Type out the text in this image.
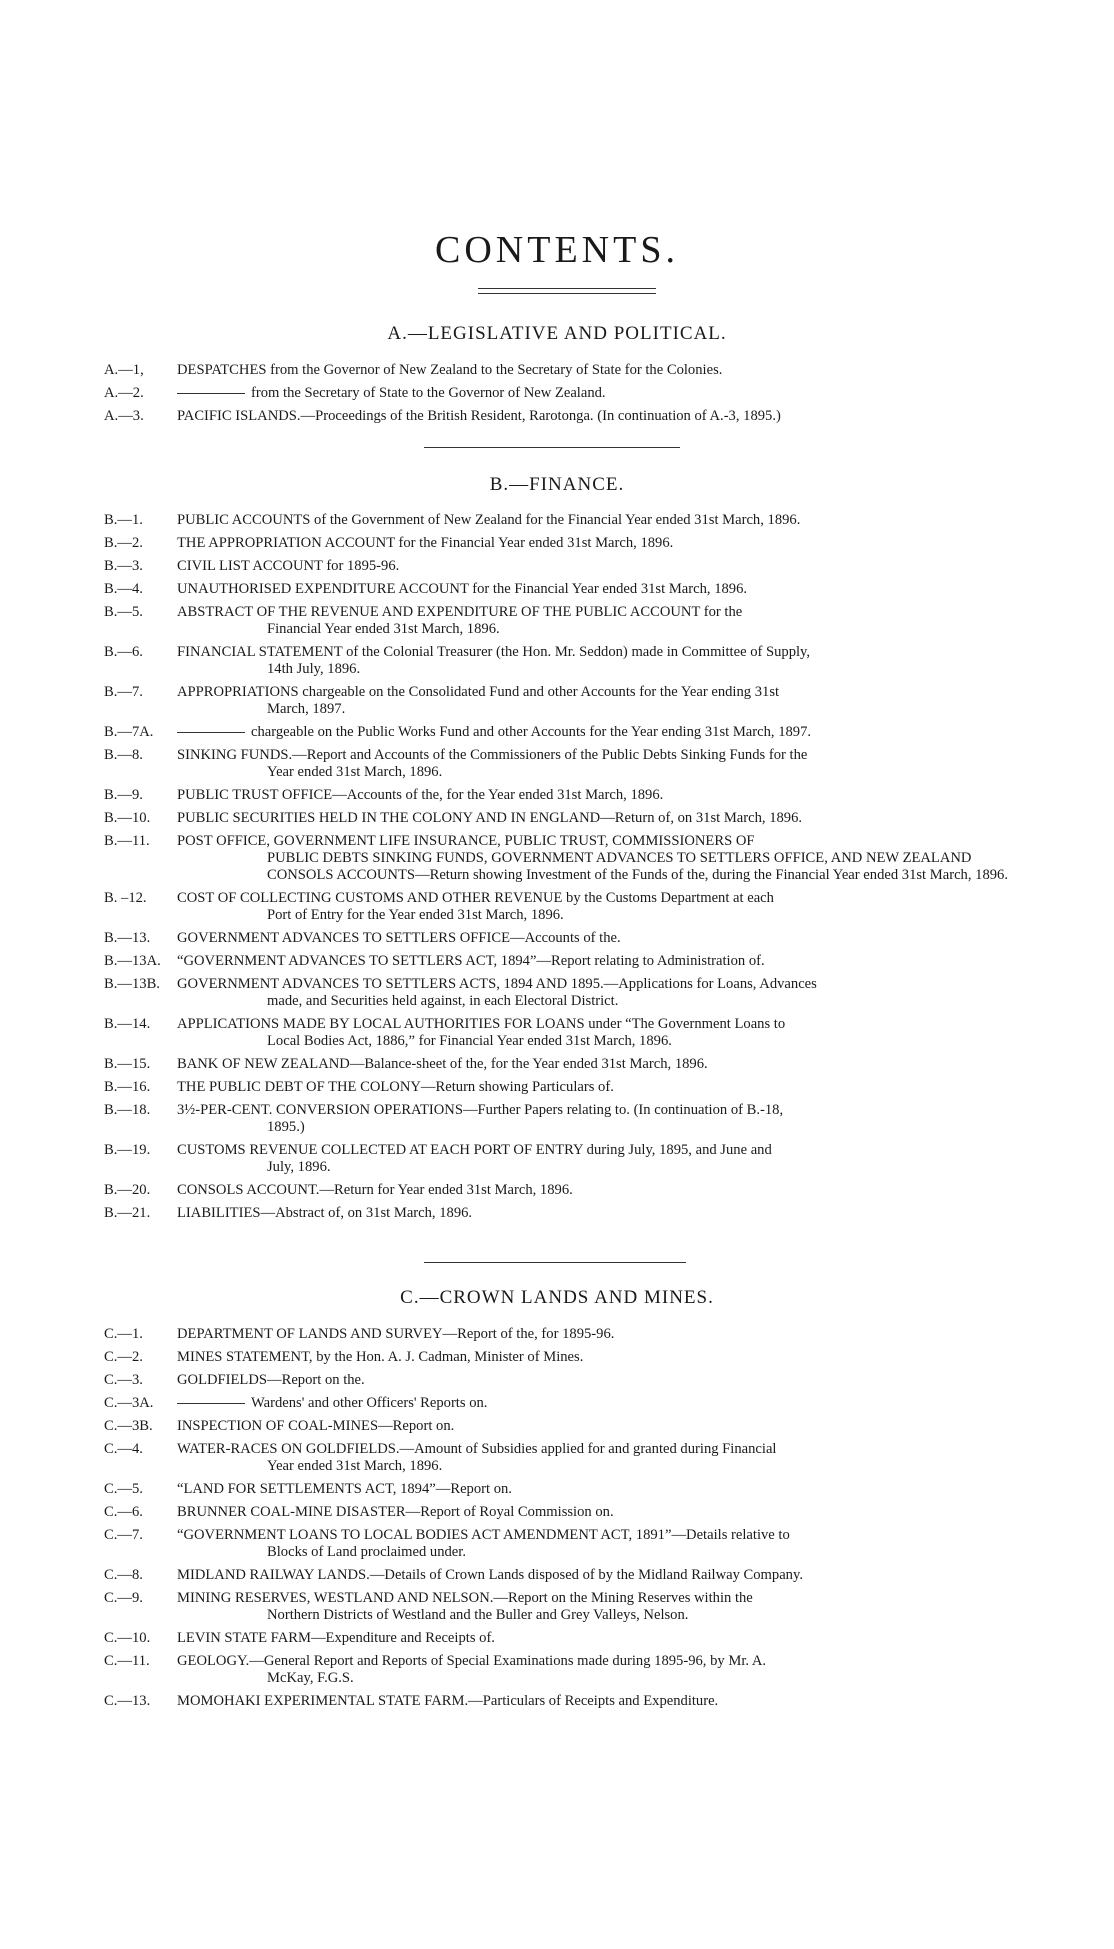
CONTENTS.
A.—LEGISLATIVE AND POLITICAL.
A.—1,	DESPATCHES from the Governor of New Zealand to the Secretary of State for the Colonies.
A.—2.	from the Secretary of State to the Governor of New Zealand.
A.—3.	PACIFIC ISLANDS.—Proceedings of the British Resident, Rarotonga. (In continuation of A.-3, 1895.)
B.—FINANCE.
B.—1.	PUBLIC ACCOUNTS of the Government of New Zealand for the Financial Year ended 31st March, 1896.
B.—2.	THE APPROPRIATION ACCOUNT for the Financial Year ended 31st March, 1896.
B.—3.	CIVIL LIST ACCOUNT for 1895-96.
B.—4.	UNAUTHORISED EXPENDITURE ACCOUNT for the Financial Year ended 31st March, 1896.
B.—5.	ABSTRACT OF THE REVENUE AND EXPENDITURE OF THE PUBLIC ACCOUNT for the
Financial Year ended 31st March, 1896.
B.—6.	FINANCIAL STATEMENT of the Colonial Treasurer (the Hon. Mr. Seddon) made in Committee of Supply,
14th July, 1896.
B.—7.	APPROPRIATIONS chargeable on the Consolidated Fund and other Accounts for the Year ending 31st
March, 1897.
B.—7A.	chargeable on the Public Works Fund and other Accounts for the Year ending 31st March, 1897.
B.—8.	SINKING FUNDS.—Report and Accounts of the Commissioners of the Public Debts Sinking Funds for the
Year ended 31st March, 1896.
B.—9.	PUBLIC TRUST OFFICE—Accounts of the, for the Year ended 31st March, 1896.
B.—10.	PUBLIC SECURITIES HELD IN THE COLONY AND IN ENGLAND—Return of, on 31st March, 1896.
B.—11.	POST OFFICE, GOVERNMENT LIFE INSURANCE, PUBLIC TRUST, COMMISSIONERS OF
PUBLIC DEBTS SINKING FUNDS, GOVERNMENT ADVANCES TO SETTLERS OFFICE, AND NEW ZEALAND CONSOLS ACCOUNTS—Return showing Investment of the Funds of the, during the Financial Year ended 31st March, 1896.
B. –12.	COST OF COLLECTING CUSTOMS AND OTHER REVENUE by the Customs Department at each
Port of Entry for the Year ended 31st March, 1896.
B.—13.	GOVERNMENT ADVANCES TO SETTLERS OFFICE—Accounts of the.
B.—13A.	“GOVERNMENT ADVANCES TO SETTLERS ACT, 1894”—Report relating to Administration of.
B.—13B.	GOVERNMENT ADVANCES TO SETTLERS ACTS, 1894 AND 1895.—Applications for Loans, Advances
made, and Securities held against, in each Electoral District.
B.—14.	APPLICATIONS MADE BY LOCAL AUTHORITIES FOR LOANS under “The Government Loans to
Local Bodies Act, 1886,” for Financial Year ended 31st March, 1896.
B.—15.	BANK OF NEW ZEALAND—Balance-sheet of the, for the Year ended 31st March, 1896.
B.—16.	THE PUBLIC DEBT OF THE COLONY—Return showing Particulars of.
B.—18.	3½-PER-CENT. CONVERSION OPERATIONS—Further Papers relating to. (In continuation of B.-18,
1895.)
B.—19.	CUSTOMS REVENUE COLLECTED AT EACH PORT OF ENTRY during July, 1895, and June and
July, 1896.
B.—20.	CONSOLS ACCOUNT.—Return for Year ended 31st March, 1896.
B.—21.	LIABILITIES—Abstract of, on 31st March, 1896.
C.—CROWN LANDS AND MINES.
C.—1.	DEPARTMENT OF LANDS AND SURVEY—Report of the, for 1895-96.
C.—2.	MINES STATEMENT, by the Hon. A. J. Cadman, Minister of Mines.
C.—3.	GOLDFIELDS—Report on the.
C.—3A.	Wardens' and other Officers' Reports on.
C.—3B.	INSPECTION OF COAL-MINES—Report on.
C.—4.	WATER-RACES ON GOLDFIELDS.—Amount of Subsidies applied for and granted during Financial
Year ended 31st March, 1896.
C.—5.	“LAND FOR SETTLEMENTS ACT, 1894”—Report on.
C.—6.	BRUNNER COAL-MINE DISASTER—Report of Royal Commission on.
C.—7.	“GOVERNMENT LOANS TO LOCAL BODIES ACT AMENDMENT ACT, 1891”—Details relative to
Blocks of Land proclaimed under.
C.—8.	MIDLAND RAILWAY LANDS.—Details of Crown Lands disposed of by the Midland Railway Company.
C.—9.	MINING RESERVES, WESTLAND AND NELSON.—Report on the Mining Reserves within the
Northern Districts of Westland and the Buller and Grey Valleys, Nelson.
C.—10.	LEVIN STATE FARM—Expenditure and Receipts of.
C.—11.	GEOLOGY.—General Report and Reports of Special Examinations made during 1895-96, by Mr. A.
McKay, F.G.S.
C.—13.	MOMOHAKI EXPERIMENTAL STATE FARM.—Particulars of Receipts and Expenditure.
